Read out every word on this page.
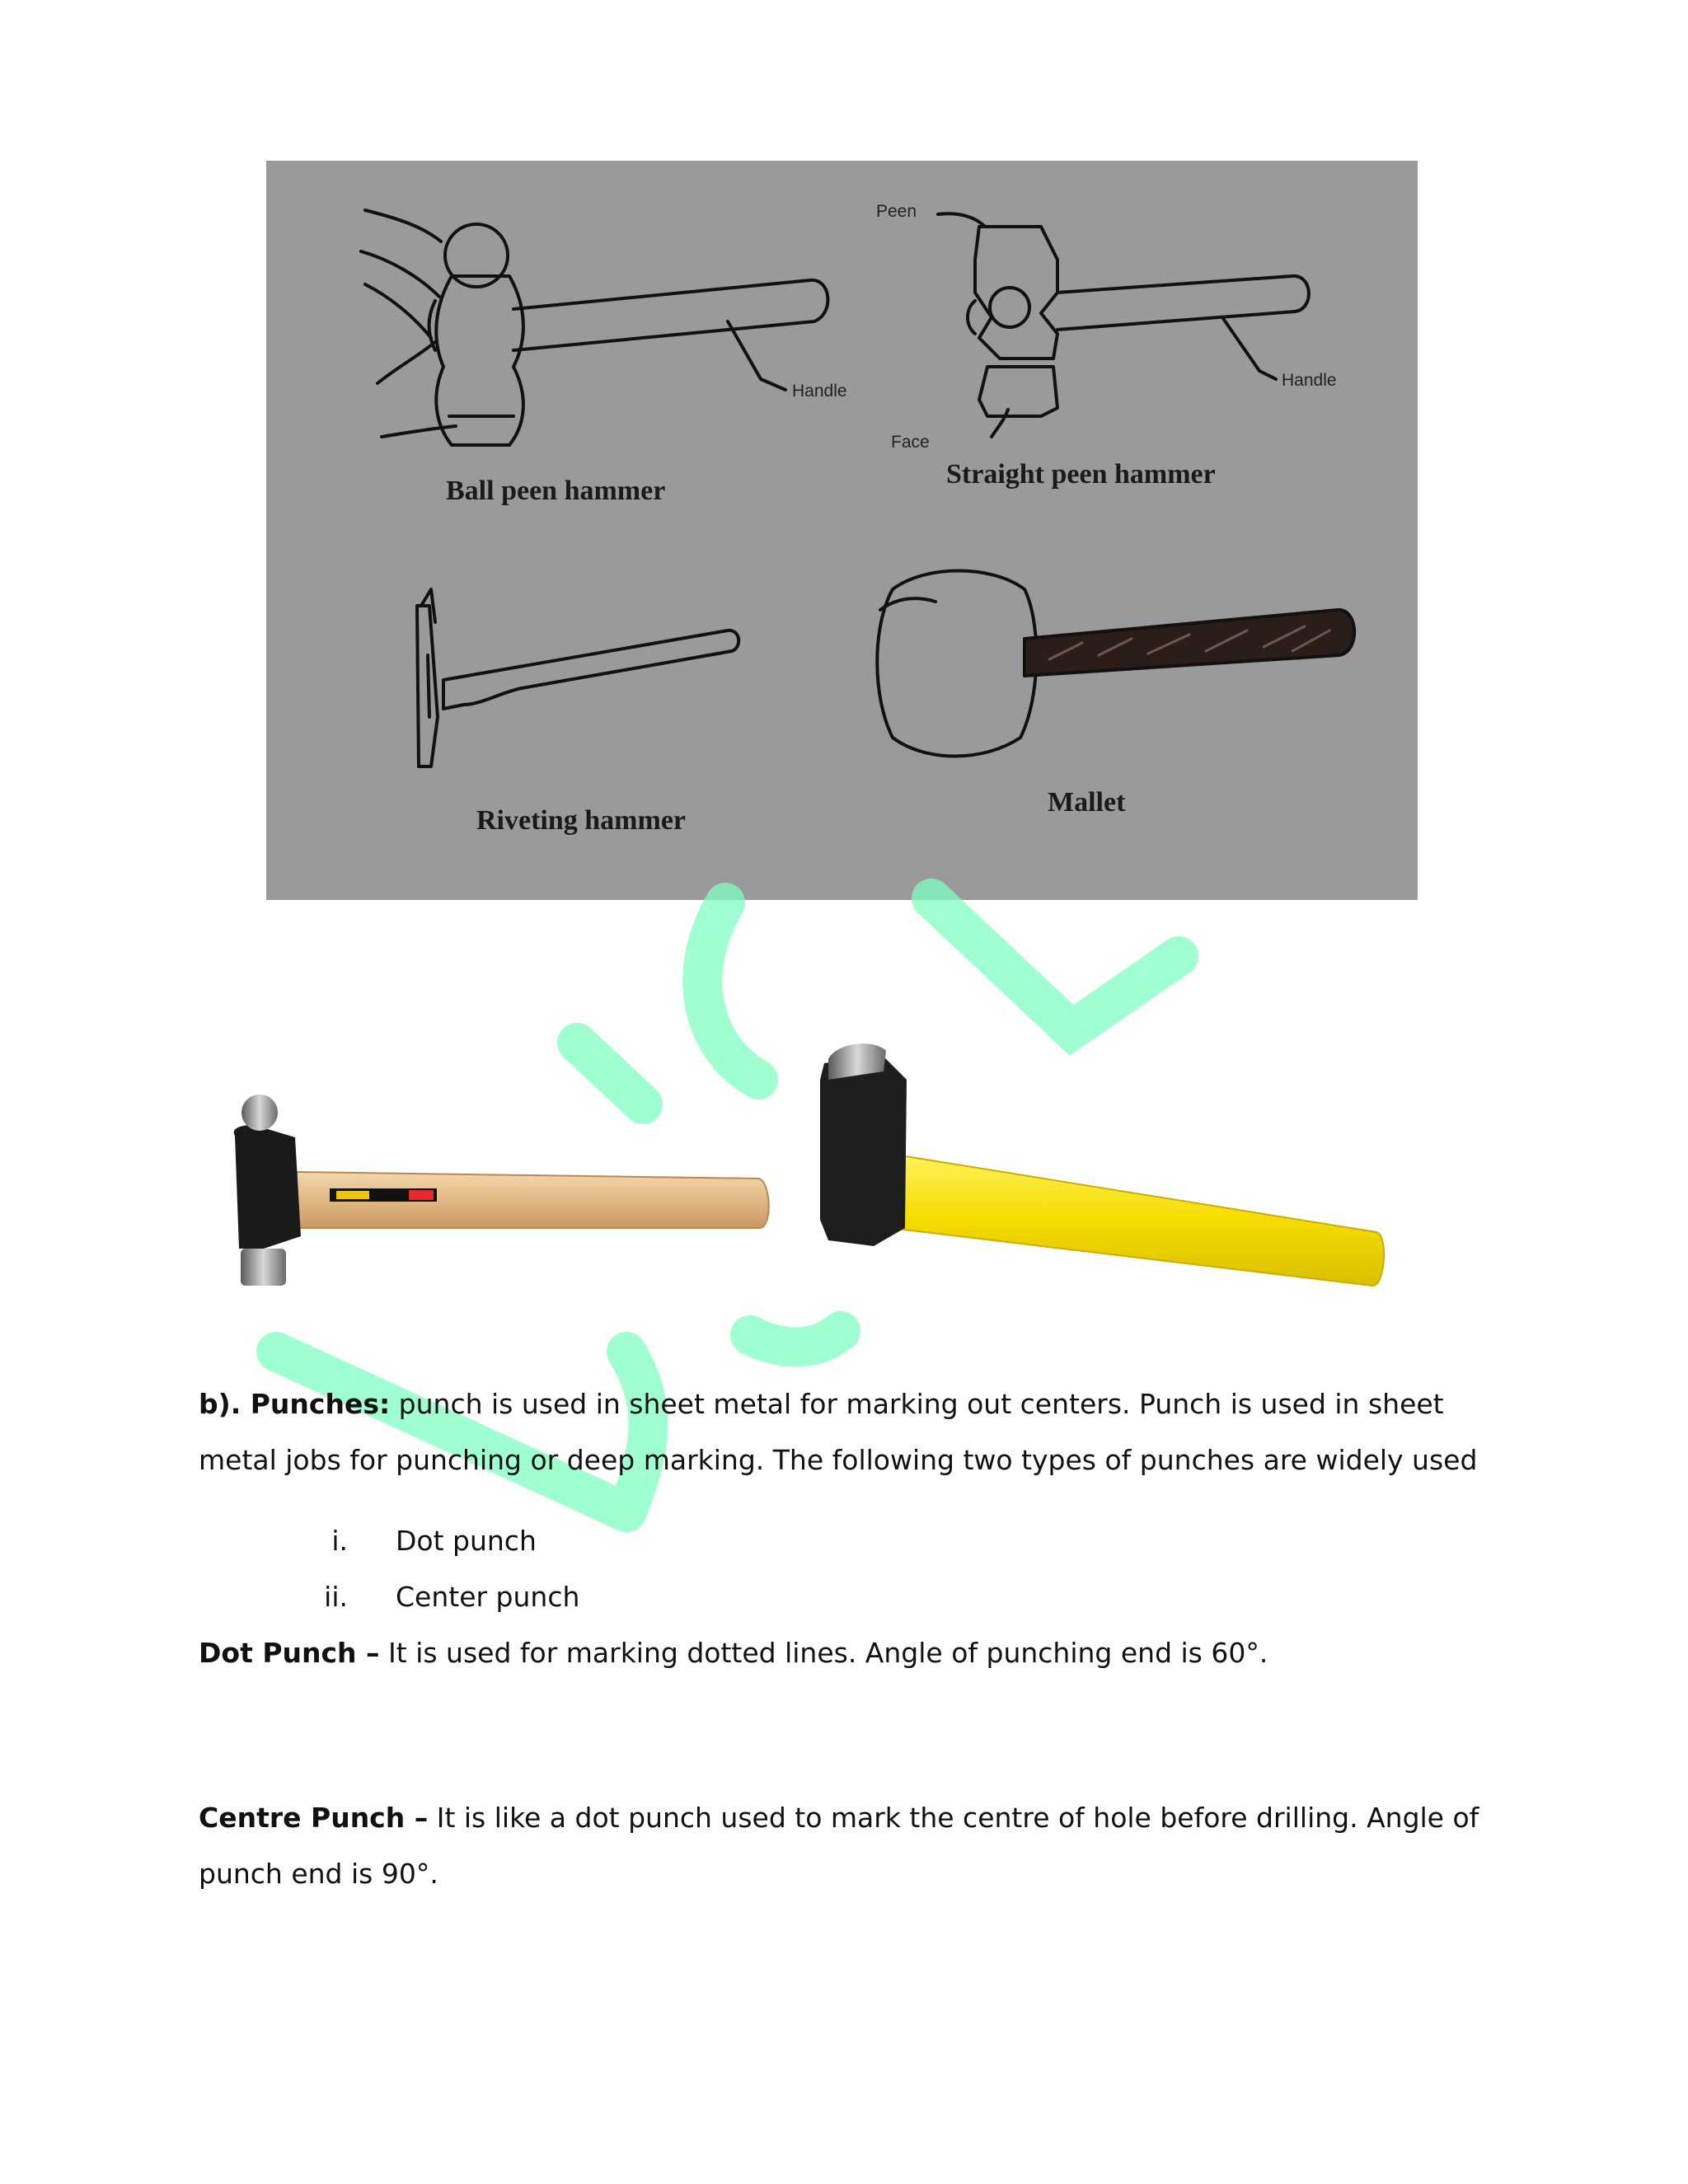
Ball peen hammer
Straight peen hammer
Riveting hammer
Mallet
Peen
Face
Handle
Handle
b). Punches: punch is used in sheet metal for marking out centers. Punch is used in sheet metal jobs for punching or deep marking. The following two types of punches are widely used
i. Dot punch
ii. Center punch
Dot Punch – It is used for marking dotted lines. Angle of punching end is 60°.
Centre Punch – It is like a dot punch used to mark the centre of hole before drilling. Angle of punch end is 90°.
